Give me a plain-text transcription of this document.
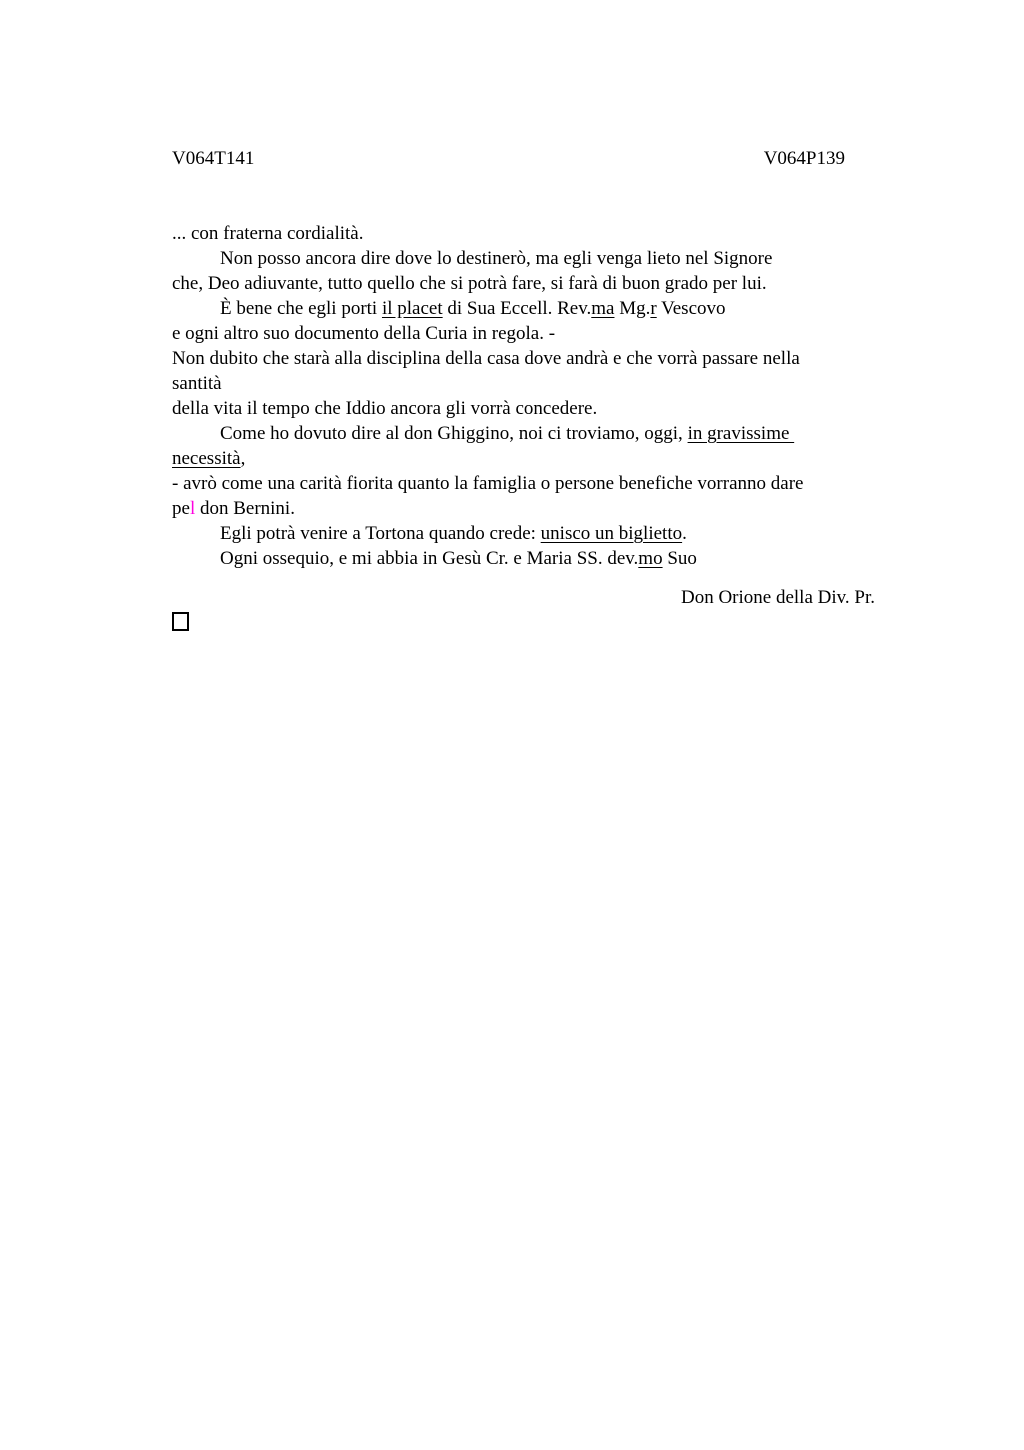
V064T141	V064P139
... con fraterna cordialità.
Non posso ancora dire dove lo destinerò, ma egli venga lieto nel Signore
che, Deo adiuvante, tutto quello che si potrà fare, si farà di buon grado per lui.
È bene che egli porti il placet di Sua Eccell. Rev.ma Mg.r Vescovo
e ogni altro suo documento della Curia in regola. -
Non dubito che starà alla disciplina della casa dove andrà e che vorrà passare nella
santità
della vita il tempo che Iddio ancora gli vorrà concedere.
Come ho dovuto dire al don Ghiggino, noi ci troviamo, oggi, in gravissime
necessità,
- avrò come una carità fiorita quanto la famiglia o persone benefiche vorranno dare
pel don Bernini.
Egli potrà venire a Tortona quando crede: unisco un biglietto.
Ogni ossequio, e mi abbia in Gesù Cr. e Maria SS. dev.mo Suo
Don Orione della Div. Pr.
